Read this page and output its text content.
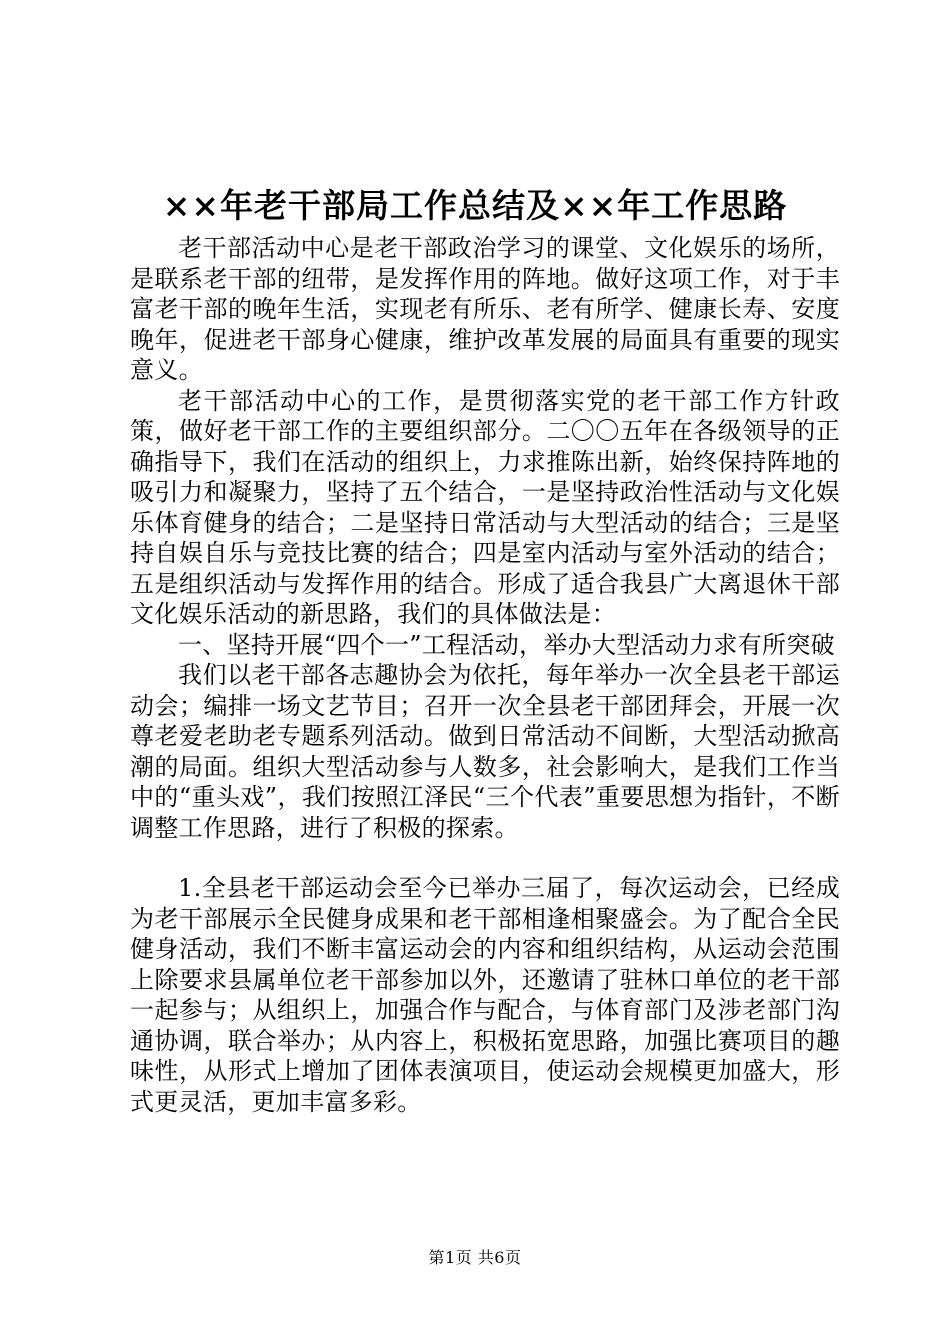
××年老干部局工作总结及××年工作思路

老干部活动中心是老干部政治学习的课堂、文化娱乐的场所，是联系老干部的纽带，是发挥作用的阵地。做好这项工作，对于丰富老干部的晚年生活，实现老有所乐、老有所学、健康长寿、安度晚年，促进老干部身心健康，维护改革发展的局面具有重要的现实意义。

老干部活动中心的工作，是贯彻落实党的老干部工作方针政策，做好老干部工作的主要组织部分。二〇〇五年在各级领导的正确指导下，我们在活动的组织上，力求推陈出新，始终保持阵地的吸引力和凝聚力，坚持了五个结合，一是坚持政治性活动与文化娱乐体育健身的结合；二是坚持日常活动与大型活动的结合；三是坚持自娱自乐与竞技比赛的结合；四是室内活动与室外活动的结合；五是组织活动与发挥作用的结合。形成了适合我县广大离退休干部文化娱乐活动的新思路，我们的具体做法是：

一、坚持开展“四个一”工程活动，举办大型活动力求有所突破

我们以老干部各志趣协会为依托，每年举办一次全县老干部运动会；编排一场文艺节目；召开一次全县老干部团拜会，开展一次尊老爱老助老专题系列活动。做到日常活动不间断，大型活动掀高潮的局面。组织大型活动参与人数多，社会影响大，是我们工作当中的“重头戏”，我们按照江泽民“三个代表”重要思想为指针，不断调整工作思路，进行了积极的探索。

1.全县老干部运动会至今已举办三届了，每次运动会，已经成为老干部展示全民健身成果和老干部相逢相聚盛会。为了配合全民健身活动，我们不断丰富运动会的内容和组织结构，从运动会范围上除要求县属单位老干部参加以外，还邀请了驻林口单位的老干部一起参与；从组织上，加强合作与配合，与体育部门及涉老部门沟通协调，联合举办；从内容上，积极拓宽思路，加强比赛项目的趣味性，从形式上增加了团体表演项目，使运动会规模更加盛大，形式更灵活，更加丰富多彩。

第1页 共6页
